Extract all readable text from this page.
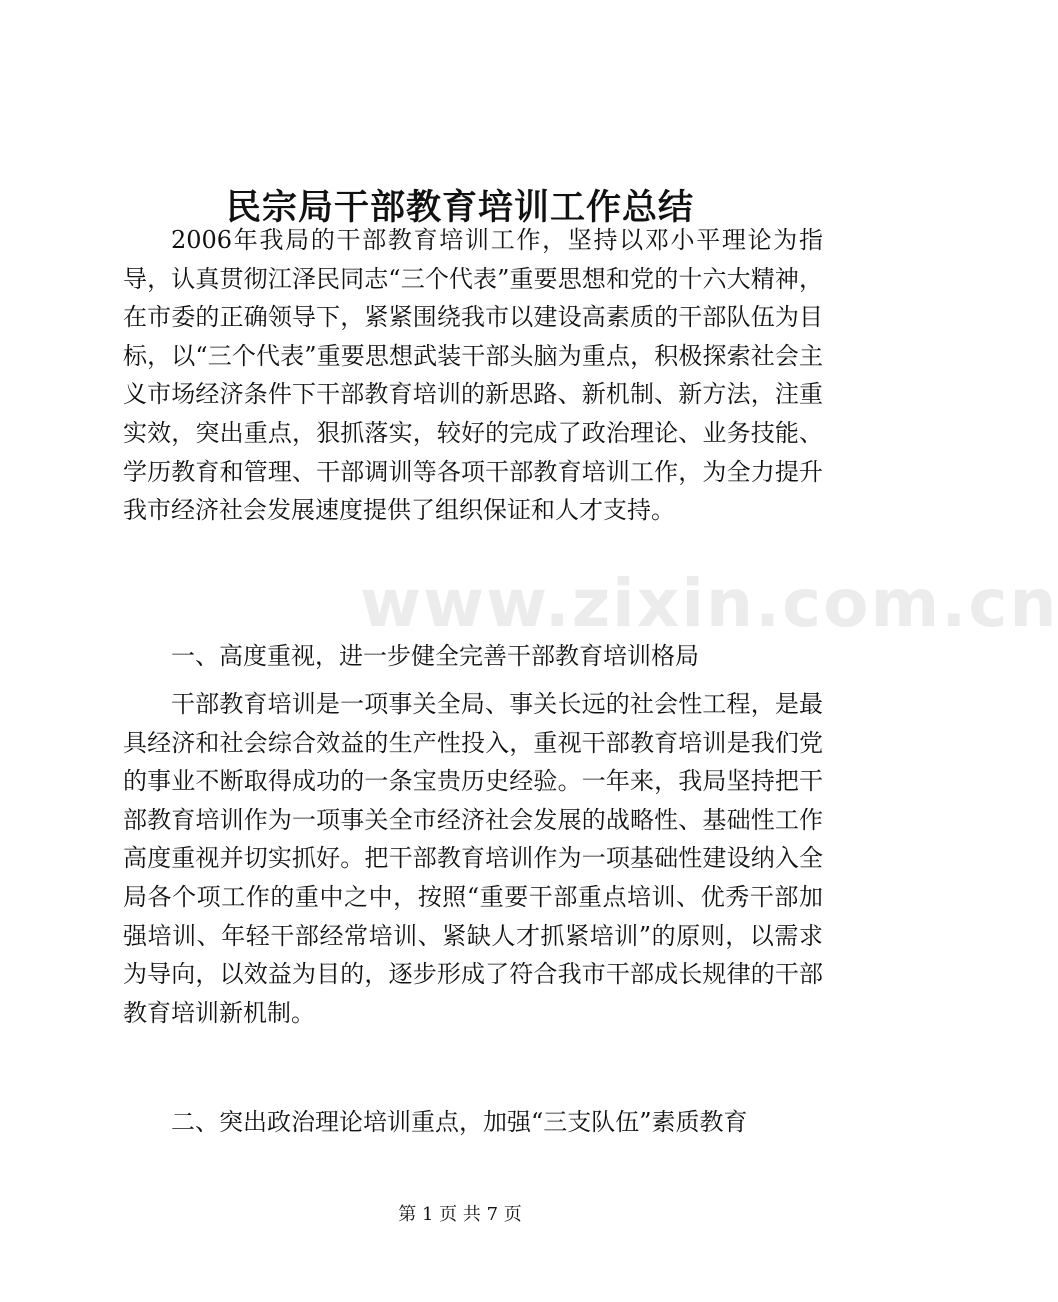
www.zixin.com.cn
民宗局干部教育培训工作总结

2006年我局的干部教育培训工作，坚持以邓小平理论为指导，认真贯彻江泽民同志“三个代表”重要思想和党的十六大精神，在市委的正确领导下，紧紧围绕我市以建设高素质的干部队伍为目标，以“三个代表”重要思想武装干部头脑为重点，积极探索社会主义市场经济条件下干部教育培训的新思路、新机制、新方法，注重实效，突出重点，狠抓落实，较好的完成了政治理论、业务技能、学历教育和管理、干部调训等各项干部教育培训工作，为全力提升我市经济社会发展速度提供了组织保证和人才支持。

一、高度重视，进一步健全完善干部教育培训格局

干部教育培训是一项事关全局、事关长远的社会性工程，是最具经济和社会综合效益的生产性投入，重视干部教育培训是我们党的事业不断取得成功的一条宝贵历史经验。一年来，我局坚持把干部教育培训作为一项事关全市经济社会发展的战略性、基础性工作高度重视并切实抓好。把干部教育培训作为一项基础性建设纳入全局各个项工作的重中之中，按照“重要干部重点培训、优秀干部加强培训、年轻干部经常培训、紧缺人才抓紧培训”的原则，以需求为导向，以效益为目的，逐步形成了符合我市干部成长规律的干部教育培训新机制。

二、突出政治理论培训重点，加强“三支队伍”素质教育

第 1 页 共 7 页
